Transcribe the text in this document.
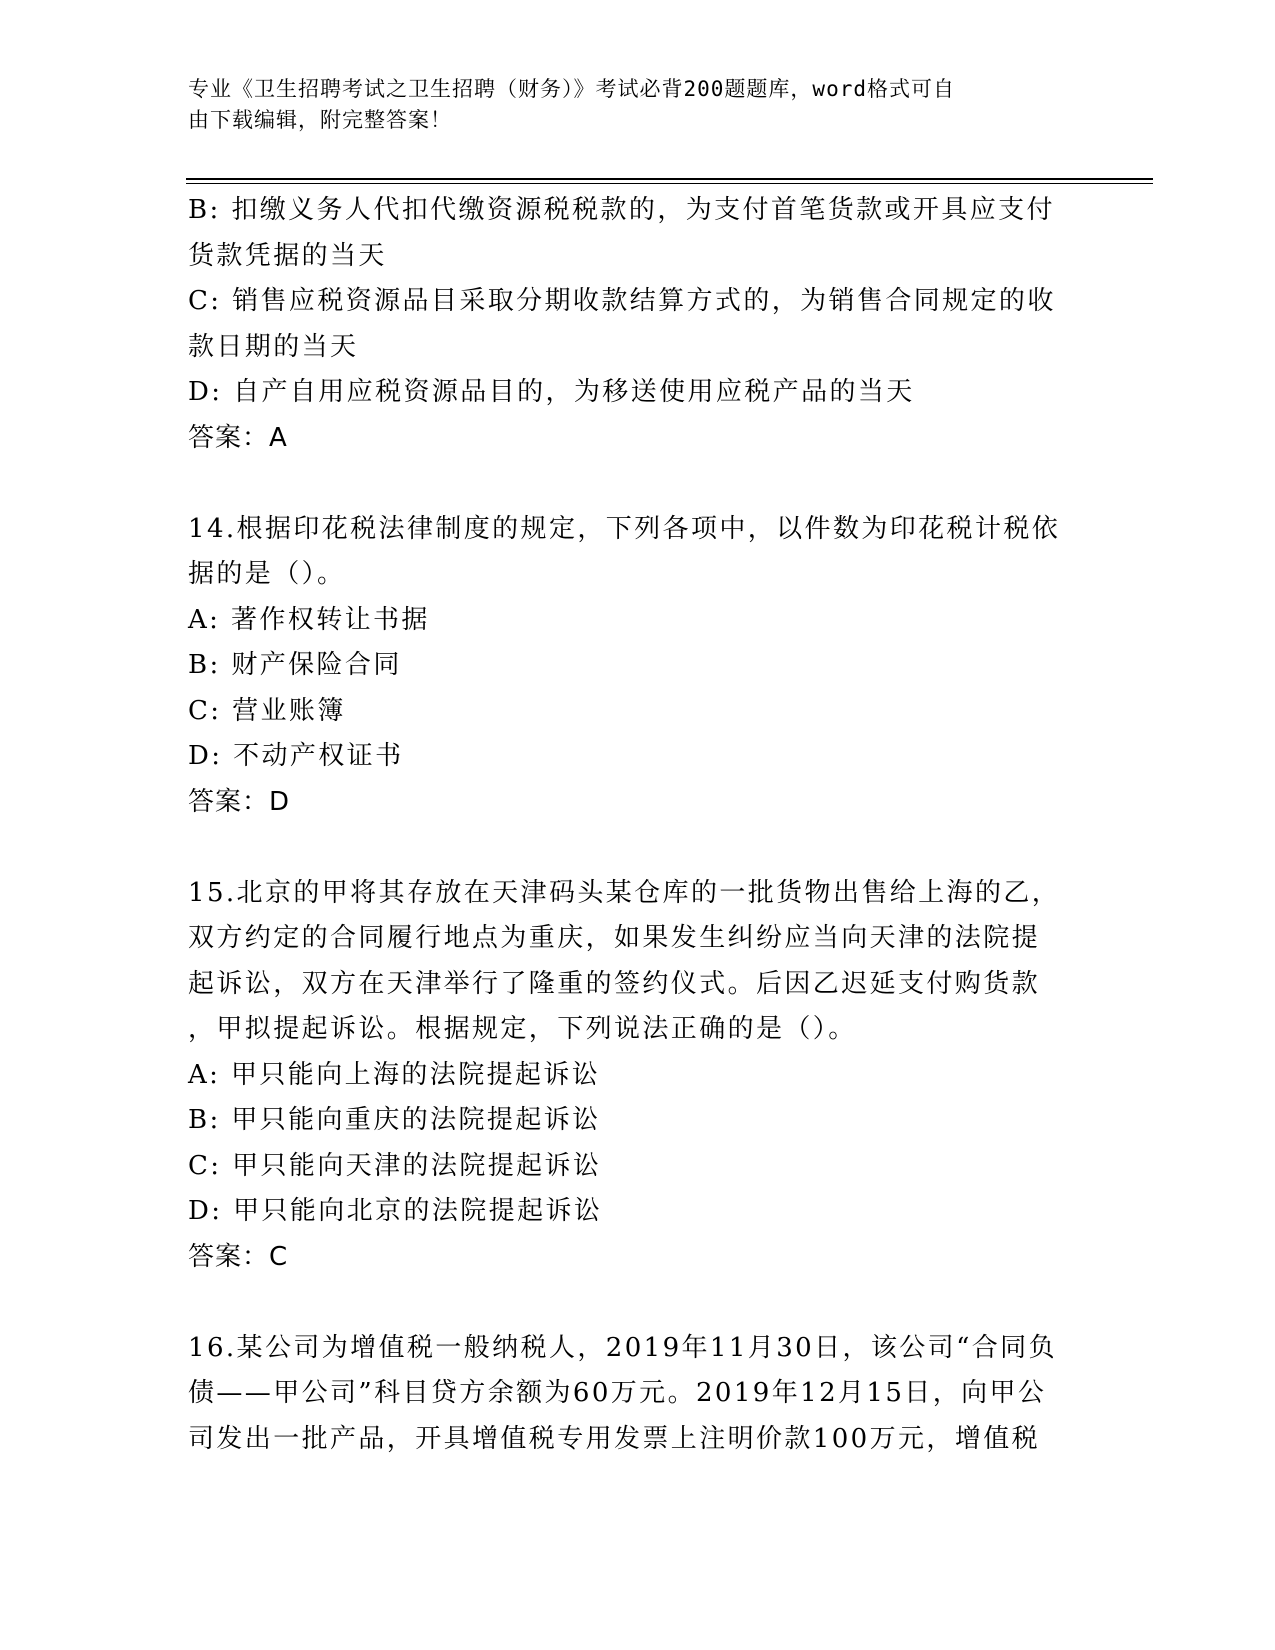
专业《卫生招聘考试之卫生招聘（财务）》考试必背200题题库，word格式可自
由下载编辑，附完整答案！
B: 扣缴义务人代扣代缴资源税税款的，为支付首笔货款或开具应支付
货款凭据的当天
C: 销售应税资源品目采取分期收款结算方式的，为销售合同规定的收
款日期的当天
D: 自产自用应税资源品目的，为移送使用应税产品的当天
答案：A
14.根据印花税法律制度的规定，下列各项中，以件数为印花税计税依
据的是（）。
A: 著作权转让书据
B: 财产保险合同
C: 营业账簿
D: 不动产权证书
答案：D
15.北京的甲将其存放在天津码头某仓库的一批货物出售给上海的乙，
双方约定的合同履行地点为重庆，如果发生纠纷应当向天津的法院提
起诉讼，双方在天津举行了隆重的签约仪式。后因乙迟延支付购货款
，甲拟提起诉讼。根据规定，下列说法正确的是（）。
A: 甲只能向上海的法院提起诉讼
B: 甲只能向重庆的法院提起诉讼
C: 甲只能向天津的法院提起诉讼
D: 甲只能向北京的法院提起诉讼
答案：C
16.某公司为增值税一般纳税人，2019年11月30日，该公司“合同负
债——甲公司”科目贷方余额为60万元。2019年12月15日，向甲公
司发出一批产品，开具增值税专用发票上注明价款100万元，增值税
